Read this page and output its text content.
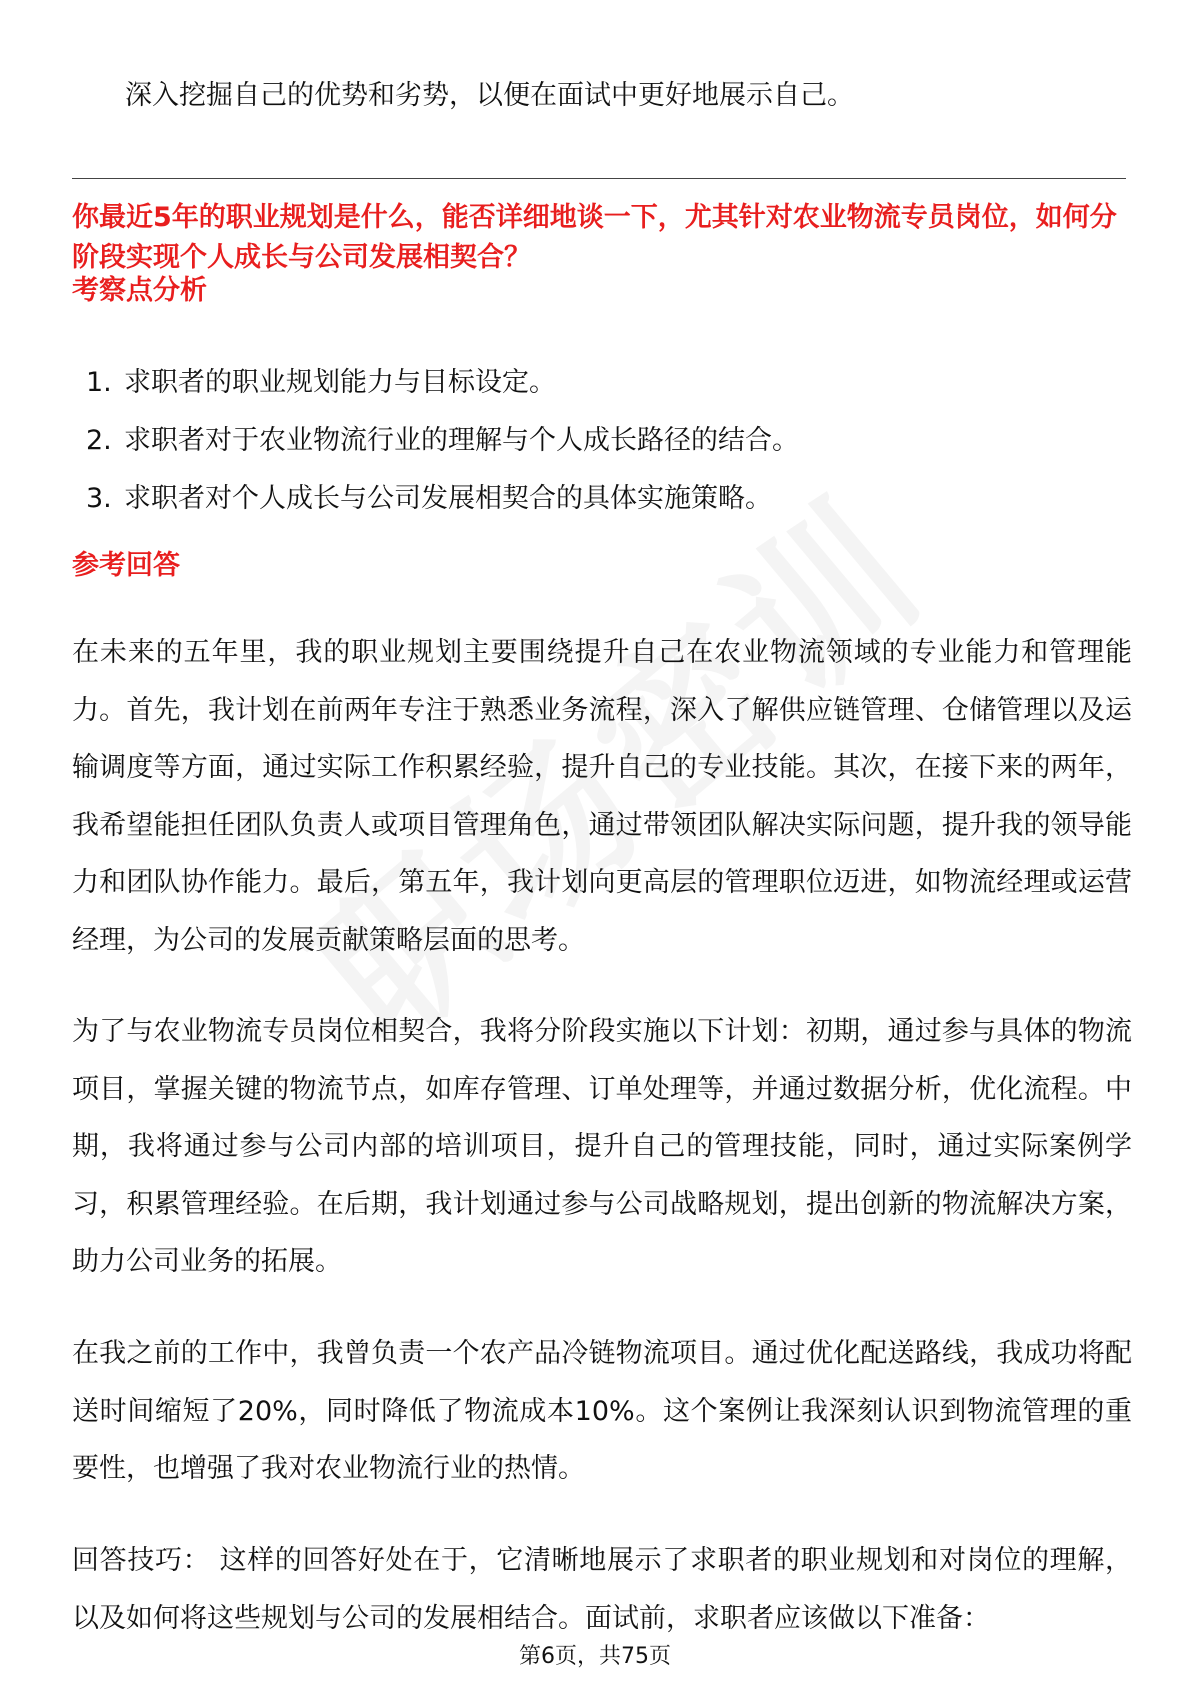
深入挖掘自己的优势和劣势，以便在面试中更好地展示自己。

你最近5年的职业规划是什么，能否详细地谈一下，尤其针对农业物流专员岗位，如何分阶段实现个人成长与公司发展相契合？

考察点分析

1. 求职者的职业规划能力与目标设定。
2. 求职者对于农业物流行业的理解与个人成长路径的结合。
3. 求职者对个人成长与公司发展相契合的具体实施策略。

参考回答

在未来的五年里，我的职业规划主要围绕提升自己在农业物流领域的专业能力和管理能力。首先，我计划在前两年专注于熟悉业务流程，深入了解供应链管理、仓储管理以及运输调度等方面，通过实际工作积累经验，提升自己的专业技能。其次，在接下来的两年，我希望能担任团队负责人或项目管理角色，通过带领团队解决实际问题，提升我的领导能力和团队协作能力。最后，第五年，我计划向更高层的管理职位迈进，如物流经理或运营经理，为公司的发展贡献策略层面的思考。

为了与农业物流专员岗位相契合，我将分阶段实施以下计划：初期，通过参与具体的物流项目，掌握关键的物流节点，如库存管理、订单处理等，并通过数据分析，优化流程。中期，我将通过参与公司内部的培训项目，提升自己的管理技能，同时，通过实际案例学习，积累管理经验。在后期，我计划通过参与公司战略规划，提出创新的物流解决方案，助力公司业务的拓展。

在我之前的工作中，我曾负责一个农产品冷链物流项目。通过优化配送路线，我成功将配送时间缩短了20%，同时降低了物流成本10%。这个案例让我深刻认识到物流管理的重要性，也增强了我对农业物流行业的热情。

回答技巧： 这样的回答好处在于，它清晰地展示了求职者的职业规划和对岗位的理解，以及如何将这些规划与公司的发展相结合。面试前，求职者应该做以下准备：

第6页，共75页
